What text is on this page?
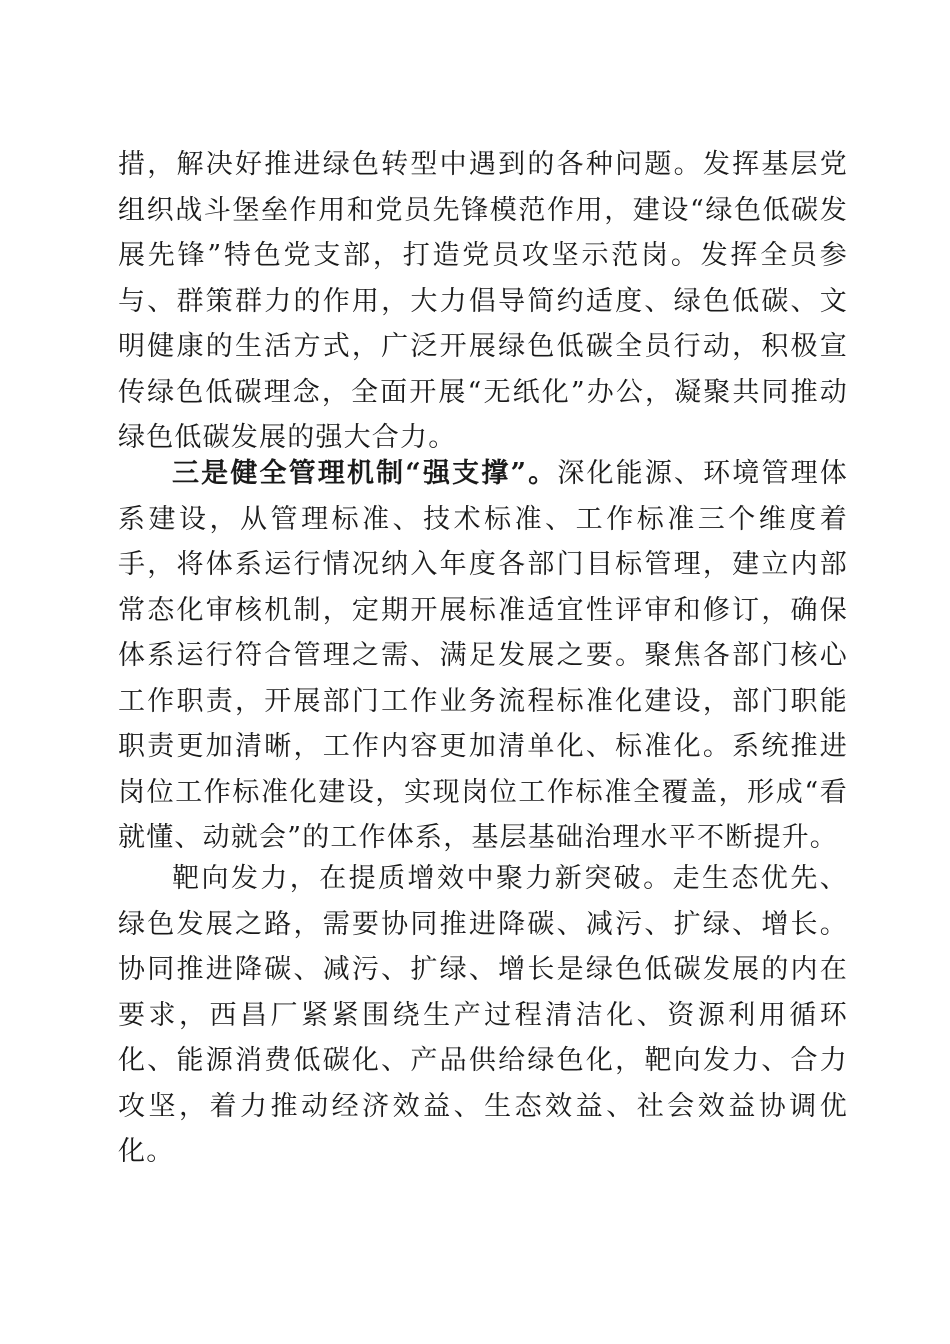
措，解决好推进绿色转型中遇到的各种问题。发挥基层党组织战斗堡垒作用和党员先锋模范作用，建设“绿色低碳发展先锋”特色党支部，打造党员攻坚示范岗。发挥全员参与、群策群力的作用，大力倡导简约适度、绿色低碳、文明健康的生活方式，广泛开展绿色低碳全员行动，积极宣传绿色低碳理念，全面开展“无纸化”办公，凝聚共同推动绿色低碳发展的强大合力。

三是健全管理机制“强支撑”。深化能源、环境管理体系建设，从管理标准、技术标准、工作标准三个维度着手，将体系运行情况纳入年度各部门目标管理，建立内部常态化审核机制，定期开展标准适宜性评审和修订，确保体系运行符合管理之需、满足发展之要。聚焦各部门核心工作职责，开展部门工作业务流程标准化建设，部门职能职责更加清晰，工作内容更加清单化、标准化。系统推进岗位工作标准化建设，实现岗位工作标准全覆盖，形成“看就懂、动就会”的工作体系，基层基础治理水平不断提升。

靶向发力，在提质增效中聚力新突破。走生态优先、绿色发展之路，需要协同推进降碳、减污、扩绿、增长。协同推进降碳、减污、扩绿、增长是绿色低碳发展的内在要求，西昌厂紧紧围绕生产过程清洁化、资源利用循环化、能源消费低碳化、产品供给绿色化，靶向发力、合力攻坚，着力推动经济效益、生态效益、社会效益协调优化。
